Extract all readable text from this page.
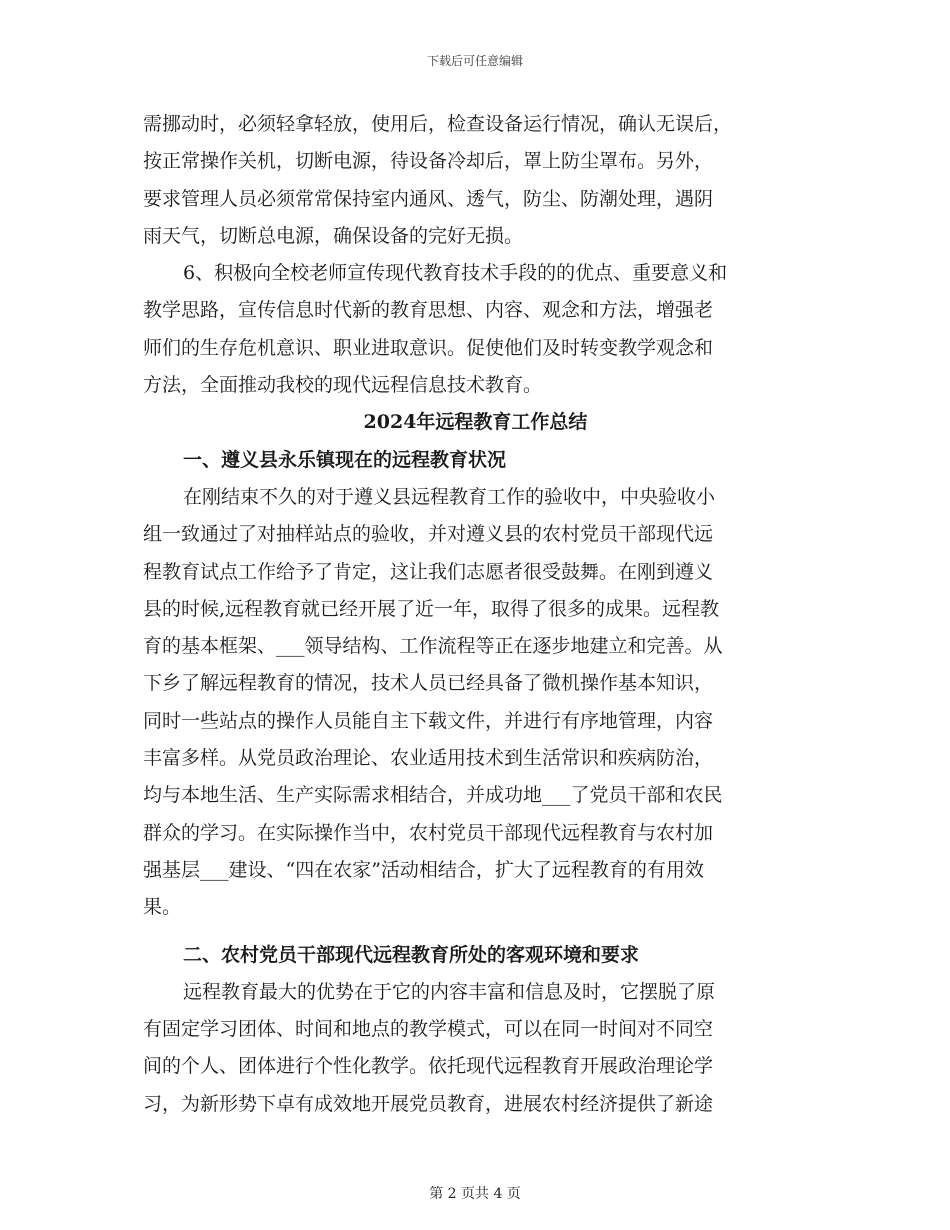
下载后可任意编辑
需挪动时，必须轻拿轻放，使用后，检查设备运行情况，确认无误后，
按正常操作关机，切断电源，待设备冷却后，罩上防尘罩布。另外，
要求管理人员必须常常保持室内通风、透气，防尘、防潮处理，遇阴
雨天气，切断总电源，确保设备的完好无损。
6、积极向全校老师宣传现代教育技术手段的的优点、重要意义和
教学思路，宣传信息时代新的教育思想、内容、观念和方法，增强老
师们的生存危机意识、职业进取意识。促使他们及时转变教学观念和
方法，全面推动我校的现代远程信息技术教育。
2024年远程教育工作总结
一、遵义县永乐镇现在的远程教育状况
在刚结束不久的对于遵义县远程教育工作的验收中，中央验收小
组一致通过了对抽样站点的验收，并对遵义县的农村党员干部现代远
程教育试点工作给予了肯定，这让我们志愿者很受鼓舞。在刚到遵义
县的时候,远程教育就已经开展了近一年，取得了很多的成果。远程教
育的基本框架、___领导结构、工作流程等正在逐步地建立和完善。从
下乡了解远程教育的情况，技术人员已经具备了微机操作基本知识，
同时一些站点的操作人员能自主下载文件，并进行有序地管理，内容
丰富多样。从党员政治理论、农业适用技术到生活常识和疾病防治，
均与本地生活、生产实际需求相结合，并成功地___了党员干部和农民
群众的学习。在实际操作当中，农村党员干部现代远程教育与农村加
强基层___建设、“四在农家”活动相结合，扩大了远程教育的有用效
果。
二、农村党员干部现代远程教育所处的客观环境和要求
远程教育最大的优势在于它的内容丰富和信息及时，它摆脱了原
有固定学习团体、时间和地点的教学模式，可以在同一时间对不同空
间的个人、团体进行个性化教学。依托现代远程教育开展政治理论学
习，为新形势下卓有成效地开展党员教育，进展农村经济提供了新途
第 2 页共 4 页
